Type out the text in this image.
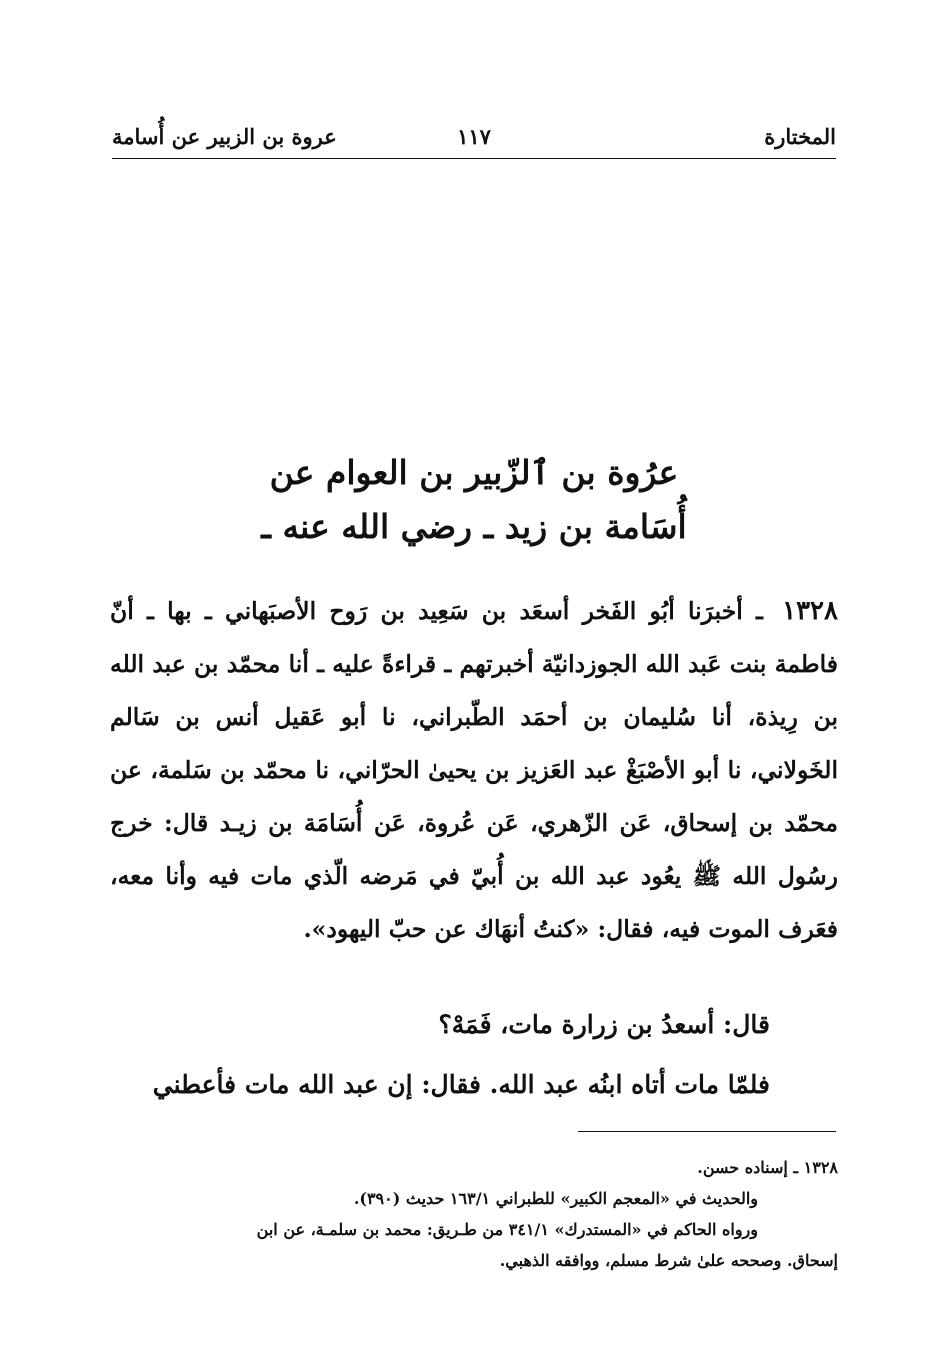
المختارة
١١٧
عروة بن الزبير عن أُسامة
عرُوة بن ٱلزّبير بن العوام عن
أُسَامة بن زيد ـ رضي الله عنه ـ
١٣٢٨ ـ أخبرَنا أبُو الفَخر أسعَد بن سَعِيد بن رَوح الأصبَهاني ـ بها ـ أنّ فاطمة بنت عَبد الله الجوزدانيّة أخبرتهم ـ قراءةً عليه ـ أنا محمّد بن عبد الله بن رِيذة، أنا سُليمان بن أحمَد الطّبراني، نا أبو عَقيل أنس بن سَالم الخَولاني، نا أبو الأصْبَغْ عبد العَزيز بن يحيىٰ الحرّاني، نا محمّد بن سَلمة، عن محمّد بن إسحاق، عَن الزّهري، عَن عُروة، عَن أُسَامَة بن زيـد قال: خرج رسُول الله ﷺ يعُود عبد الله بن أُبيّ في مَرضه الّذي مات فيه وأنا معه، فعَرف الموت فيه، فقال: «كنتُ أنهَاك عن حبّ اليهود».
قال: أسعدُ بن زرارة مات، فَمَهْ؟
فلمّا مات أتاه ابنُه عبد الله. فقال: إن عبد الله مات فأعطني
١٣٢٨ ـ إسناده حسن.
والحديث في «المعجم الكبير» للطبراني ١٦٣/١ حديث (٣٩٠).
ورواه الحاكم في «المستدرك» ٣٤١/١ من طـريق: محمد بن سلمـة، عن ابن
إسحاق. وصححه علىٰ شرط مسلم، ووافقه الذهبي.
